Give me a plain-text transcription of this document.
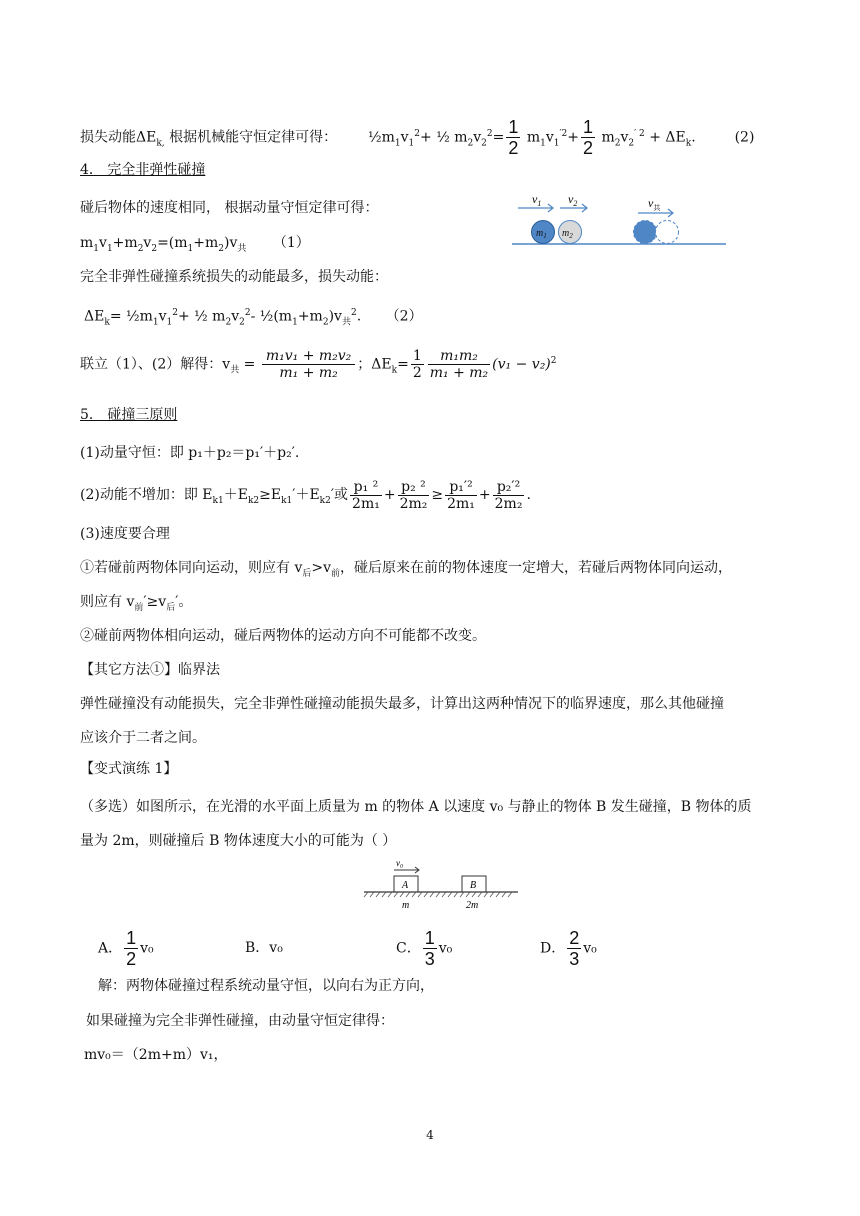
损失动能$\Delta E_{k,}$ 根据机械能守恒定律可得： $\frac{1}{2}m_1v_1^2+$ ½ $m_2v_2^2= \frac{1}{2} m_1v_1^{'2}+ \frac{1}{2} m_2v_2^{' 2} + \Delta E_k$.	(2)
4． 完全非弹性碰撞
碰后物体的速度相同， 根据动量守恒定律可得：
$m_1v_1+m_2v_2=(m_1+m_2)v_共$ （1）
$v_1$ $v_2$
$m_1$ $m_2$
$v_共$
完全非弹性碰撞系统损失的动能最多，损失动能：
$\Delta E_k=$ $\frac{1}{2}m_1v_1^2+$ ½ $m_2v_2^2-$ $\frac{1}{2}(m_1+m_2)v_共^2$. （2）
联立（1）、(2）解得：$v_共 = \frac{\text{m₁v₁ + m₂v₂}}{\text{m₁ + m₂}}$ ；$\Delta E_k= \frac{1}{2} \frac{\text{m₁m₂}}{\text{m₁ + m₂}} (v_1 - v_2)^2$
5． 碰撞三原则
(1)动量守恒：即 p₁＋p₂＝p₁′＋p₂′.
(2)动能不增加：即 $E_{k1}+E_{k2}\ge E_{k1}'+E_{k2}'$或 $\frac{\text{p₁ ²}}{\text{2m₁}} + \frac{\text{p₂ ²}}{\text{2m₂}} \ge \frac{\text{p₁′²}}{\text{2m₁}} + \frac{\text{p₂′²}}{\text{2m₂}}$ .
(3)速度要合理
①若碰前两物体同向运动，则应有 $v_后>v_前$，碰后原来在前的物体速度一定增大，若碰后两物体同向运动，
则应有 $v_前'\ge v_后'$。
②碰前两物体相向运动，碰后两物体的运动方向不可能都不改变。
【其它方法①】临界法
弹性碰撞没有动能损失，完全非弹性碰撞动能损失最多，计算出这两种情况下的临界速度，那么其他碰撞
应该介于二者之间。
【变式演练 1】
（多选）如图所示，在光滑的水平面上质量为 m 的物体 A 以速度 v₀ 与静止的物体 B 发生碰撞，B 物体的质
量为 2m，则碰撞后 B 物体速度大小的可能为（ ）
v₀
A	B
m	2m
A． $\frac{1}{2} v_0$	B．v₀	C． $\frac{1}{3} v_0$	D． $\frac{2}{3} v_0$
解：两物体碰撞过程系统动量守恒，以向右为正方向，
如果碰撞为完全非弹性碰撞，由动量守恒定律得：
mv₀＝（2m+m）v₁，
4
